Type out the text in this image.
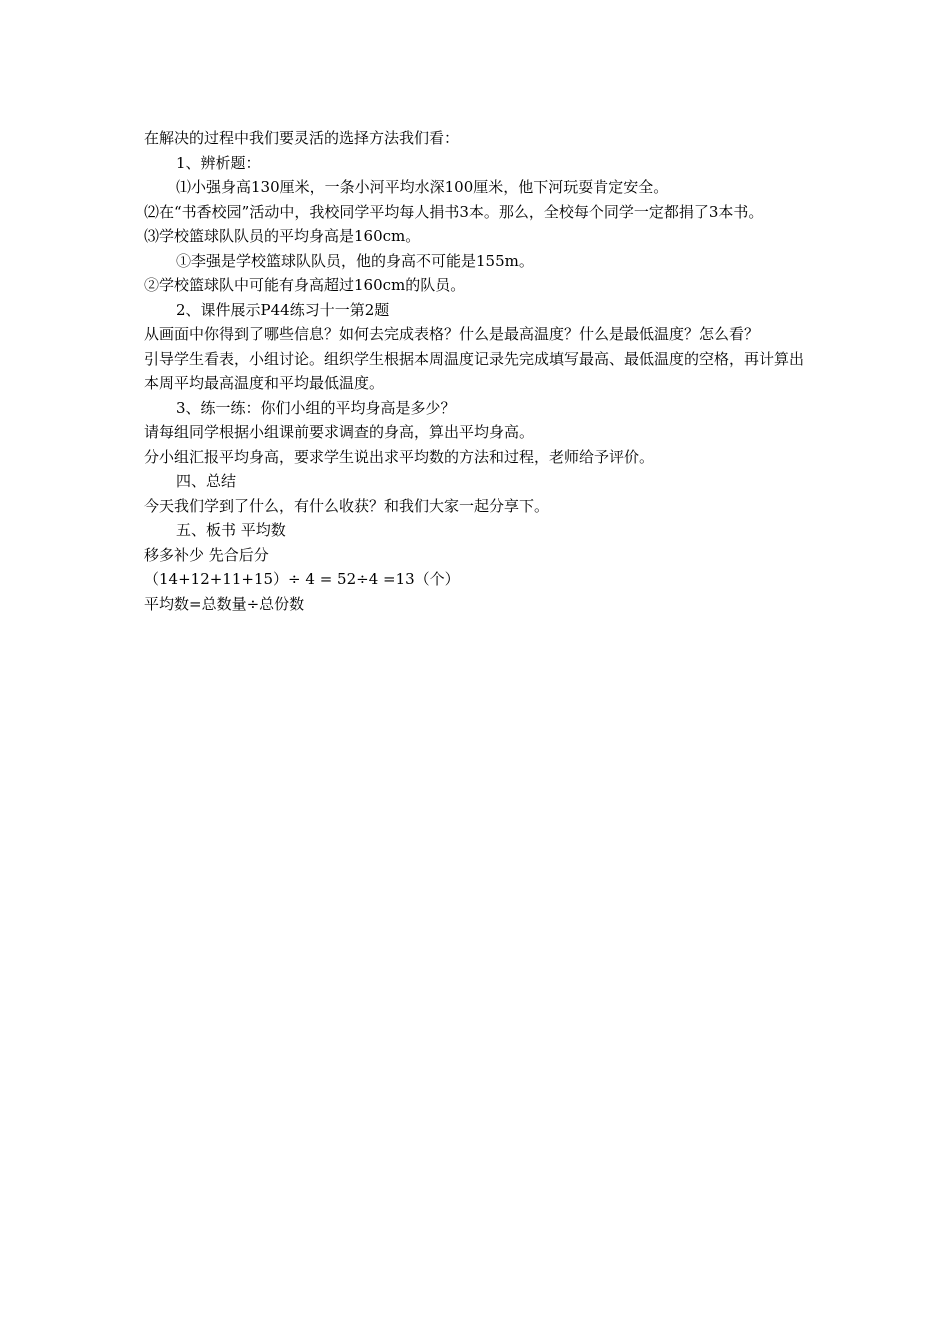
在解决的过程中我们要灵活的选择方法我们看：

1、辨析题：

⑴小强身高130厘米，一条小河平均水深100厘米，他下河玩耍肯定安全。

⑵在“书香校园”活动中，我校同学平均每人捐书3本。那么，全校每个同学一定都捐了3本书。

⑶学校篮球队队员的平均身高是160cm。

①李强是学校篮球队队员，他的身高不可能是155m。

②学校篮球队中可能有身高超过160cm的队员。

2、课件展示P44练习十一第2题

从画面中你得到了哪些信息？如何去完成表格？什么是最高温度？什么是最低温度？怎么看？

引导学生看表，小组讨论。组织学生根据本周温度记录先完成填写最高、最低温度的空格，再计算出本周平均最高温度和平均最低温度。

3、练一练：你们小组的平均身高是多少？

请每组同学根据小组课前要求调查的身高，算出平均身高。

分小组汇报平均身高，要求学生说出求平均数的方法和过程，老师给予评价。

四、总结

今天我们学到了什么，有什么收获？和我们大家一起分享下。

五、板书 平均数

移多补少 先合后分

（14+12+11+15）÷ 4 = 52÷4 =13（个）

平均数=总数量÷总份数
